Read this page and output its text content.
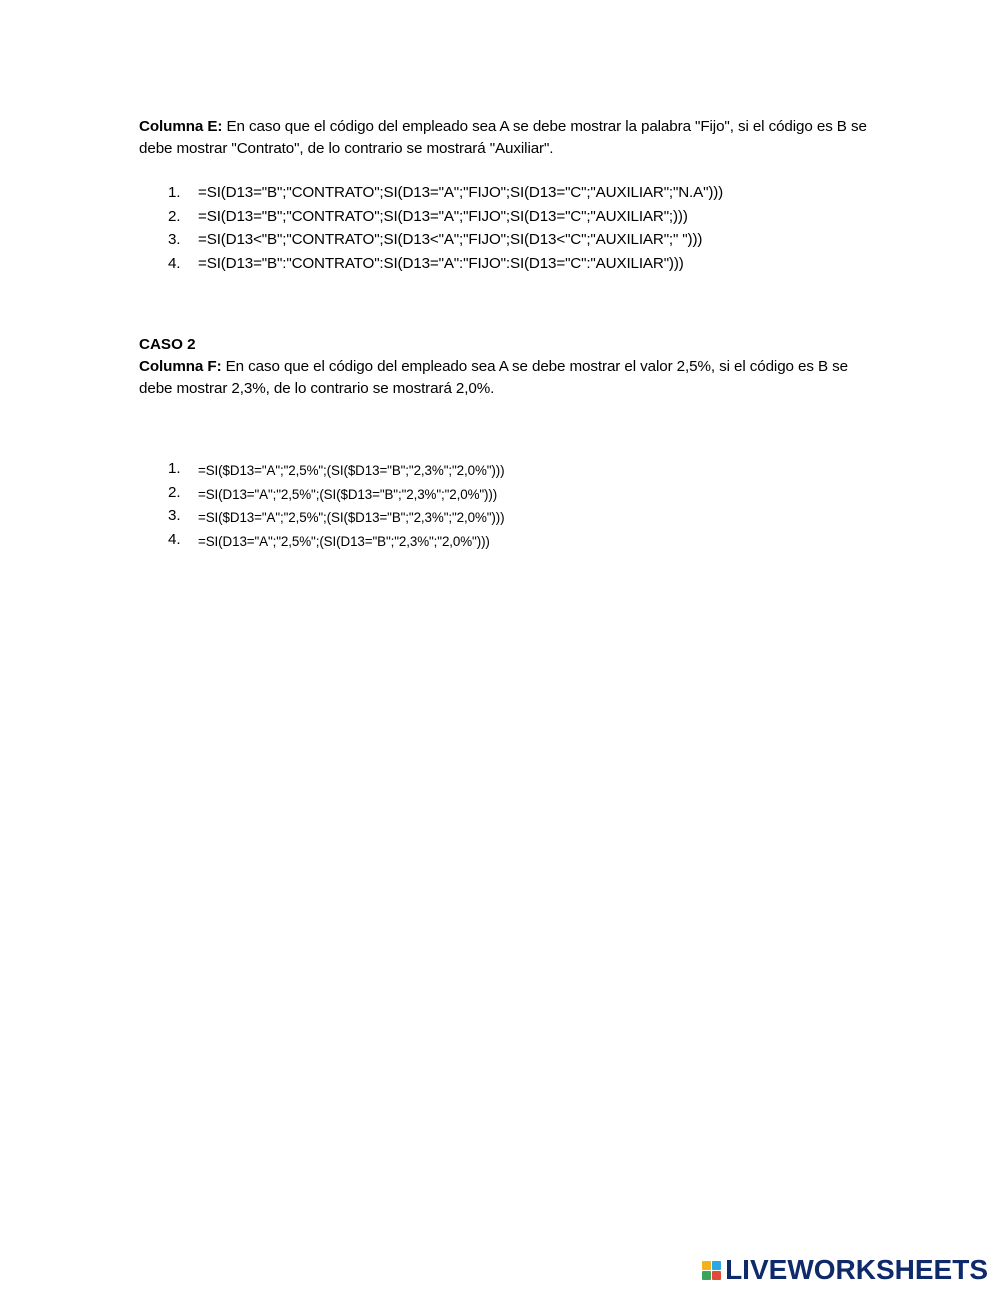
Columna E: En caso que el código del empleado sea A se debe mostrar la palabra "Fijo", si el código es B se debe mostrar "Contrato", de lo contrario se mostrará "Auxiliar".
1. =SI(D13="B";"CONTRATO";SI(D13="A";"FIJO";SI(D13="C";"AUXILIAR";"N.A")))
2. =SI(D13="B";"CONTRATO";SI(D13="A";"FIJO";SI(D13="C";"AUXILIAR";)))
3. =SI(D13<"B";"CONTRATO";SI(D13<"A";"FIJO";SI(D13<"C";"AUXILIAR";" ")))
4. =SI(D13="B":"CONTRATO":SI(D13="A":"FIJO":SI(D13="C":"AUXILIAR")))
CASO 2
Columna F: En caso que el código del empleado sea A se debe mostrar el valor 2,5%, si el código es B se debe mostrar 2,3%, de lo contrario se mostrará 2,0%.
1. =SI($D13="A";"2,5%";(SI($D13="B";"2,3%";"2,0%")))
2. =SI(D13="A";"2,5%";(SI($D13="B";"2,3%";"2,0%")))
3. =SI($D13="A";"2,5%";(SI($D13="B";"2,3%";"2,0%")))
4. =SI(D13="A";"2,5%";(SI(D13="B";"2,3%";"2,0%")))
LIVEWORKSHEETS
